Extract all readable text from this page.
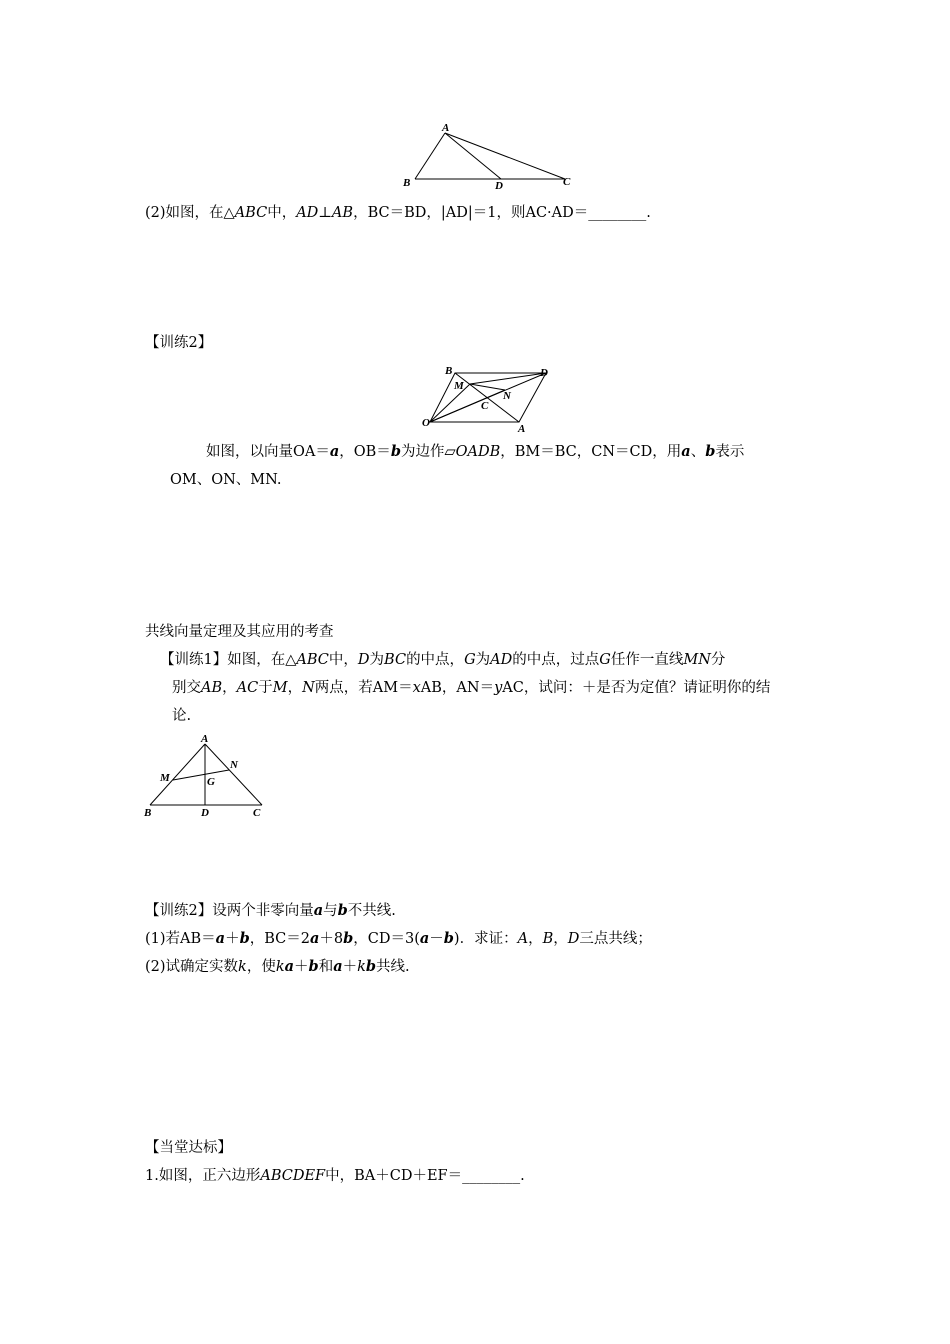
A
B	D	C
(2)如图，在△ABC中，AD⊥AB，BC＝BD，|AD|＝1，则AC·AD＝________.
【训练2】
B	D
M
N
C
O	A
如图，以向量OA＝a，OB＝b为边作▱OADB，BM＝BC，CN＝CD，用a、b表示
OM、ON、MN.
共线向量定理及其应用的考查
【训练1】如图，在△ABC中，D为BC的中点，G为AD的中点，过点G任作一直线MN分
别交AB，AC于M，N两点，若AM＝xAB，AN＝yAC，试问：＋是否为定值？请证明你的结
论.
A
M
N
G
B	D	C
【训练2】设两个非零向量a与b不共线.
(1)若AB＝a＋b，BC＝2a＋8b，CD＝3(a－b)．求证：A，B，D三点共线；
(2)试确定实数k，使ka＋b和a＋kb共线.
【当堂达标】
1.如图，正六边形ABCDEF中，BA＋CD＋EF＝________.
